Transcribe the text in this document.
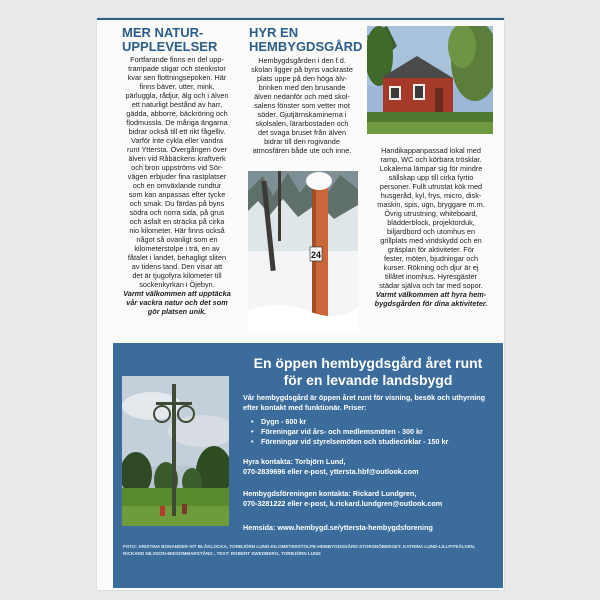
MER NATUR-
UPPLEVELSER
Fortfarande finns en del upp-
trampade stigar och stenkistor
kvar sen flottningsepoken. Här
finns bäver, utter, mink,
pärluggla, rådjur, älg och i älven
ett naturligt bestånd av harr,
gädda, abborre, bäckröring och
flodmussla. De många ängarna
bidrar också till ett rikt fågelliv.
Varför inte cykla eller vandra
runt Yttersta. Övergången över
älven vid Råbäckens kraftverk
och bron uppströms vid Sör-
vägen erbjuder fina rastplatser
och en omväxlande rundtur
som kan anpassas efter tycke
och smak. Du färdas på byns
södra och norra sida, på grus
och asfalt en sträcka på cirka
nio kilometer. Här finns också
något så ovanligt som en
kilometerstolpe i trä, en av
fåtalet i landet, behagligt sliten
av tidens tand. Den visar att
det är tjugofyra kilometer till
sockenkyrkan i Öjebyn.
Varmt välkommen att upptäcka
vår vackra natur och det som
gör platsen unik.
HYR EN
HEMBYGDSGÅRD
Hembygdsgården i den f.d.
skolan ligger på byns vackraste
plats uppe på den höga älv-
brinken med den brusande
älven nedanför och med skol-
salens fönster som vetter mot
söder. Gjutjärnskaminerna i
skolsalen, lärarbostaden och
det svaga bruset från älven
bidrar till den rogivande
atmosfären både ute och inne.
24
Handikappanpassad lokal med
ramp, WC och körbara trösklar.
Lokalerna lämpar sig för mindre
sällskap upp till cirka fyrtio
personer. Fullt utrustat kök med
husgeråd, kyl, frys, micro, disk-
maskin, spis, ugn, bryggare m.m.
Övrig utrustning, whiteboard,
blädderblock, projektorduk,
biljardbord och utomhus en
grillplats med vindskydd och en
gräsplan för aktiviteter. För
fester, möten, bjudningar och
kurser. Rökning och djur är ej
tillåtet inomhus. Hyresgäster
städar själva och tar med sopor.
Varmt välkommen att hyra hem-
bygdsgården för dina aktiviteter.
En öppen hembygdsgård året runt
för en levande landsbygd
Vår hembygdsgård är öppen året runt för visning, besök och uthyrning
efter kontakt med funktionär. Priser:
• Dygn - 600 kr
• Föreningar vid års- och medlemsmöten - 300 kr
• Föreningar vid styrelsemöten och studiecirklar - 150 kr
Hyra kontakta: Torbjörn Lund,
070-2839696 eller e-post, yttersta.hbf@outlook.com
Hembygdsföreningen kontakta: Rickard Lundgren,
070-3281222 eller e-post, k.rickard.lundgren@outlook.com
Hemsida: www.hembygd.se/yttersta-hembygdsforening
FOTO: KRISTINA BONANDER-VIT BLÅKLOCKA, TORBJÖRN LUND-KILOMETERSTOLPE-HEMBYGDSGÅRD-STORSNÖBERGET, KATRINA LUND-LILLPITEÄLVEN,
RICKARD NILSSON-MIDSOMMARSTÅNG , TEXT: ROBERT SWEDBERG, TORBJÖRN LUND
